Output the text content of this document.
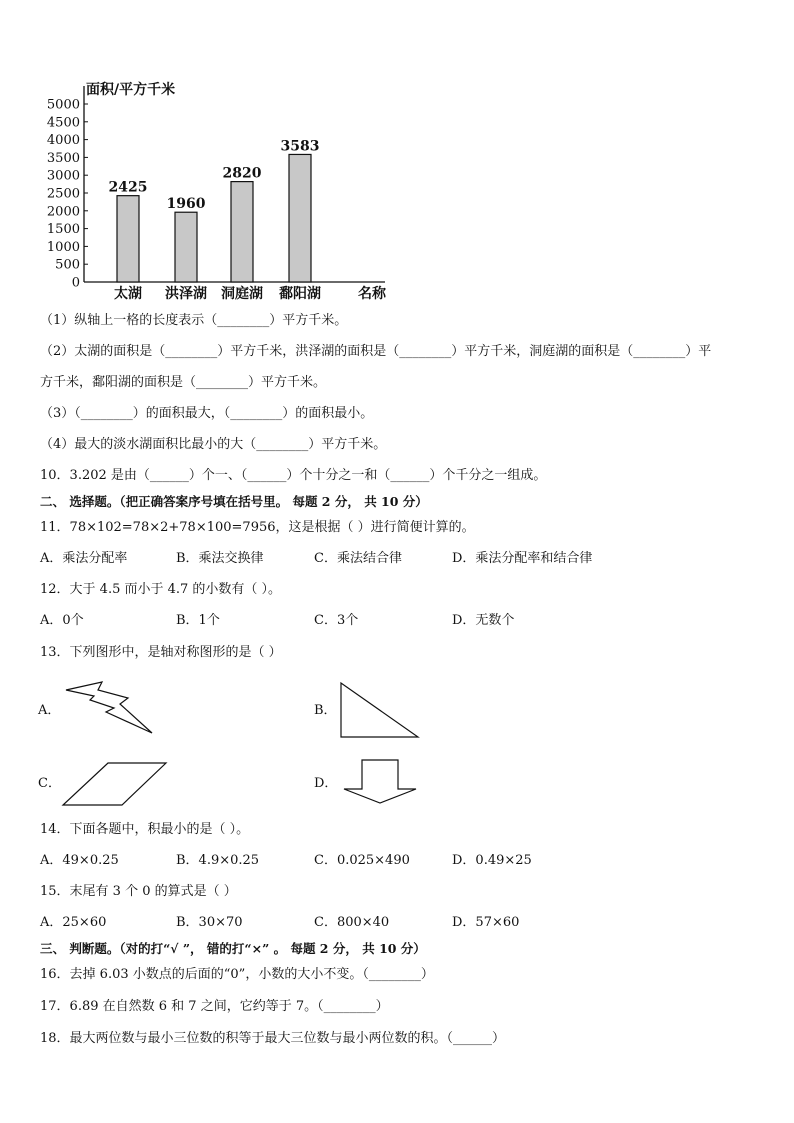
面积/平方千米
0
500
1000
1500
2000
2500
3000
3500
4000
4500
5000
2425
太湖
1960
洪泽湖
2820
洞庭湖
3583
鄱阳湖	名称
（1）纵轴上一格的长度表示（________）平方千米。
（2）太湖的面积是（________）平方千米，洪泽湖的面积是（________）平方千米，洞庭湖的面积是（________）平
方千米，鄱阳湖的面积是（________）平方千米。
（3）（________）的面积最大，（________）的面积最小。
（4）最大的淡水湖面积比最小的大（________）平方千米。
10．3.202 是由（______）个一、（______）个十分之一和（______）个千分之一组成。
二、 选择题。（把正确答案序号填在括号里。 每题 2 分， 共 10 分）
11．78×102=78×2+78×100=7956，这是根据（ ）进行简便计算的。
A．乘法分配率	B．乘法交换律	C．乘法结合律	D．乘法分配率和结合律
12．大于 4.5 而小于 4.7 的小数有（ ）。
A．0个	B．1个	C．3个	D．无数个
13．下列图形中，是轴对称图形的是（ ）
A．	B．
C．	D．
14．下面各题中，积最小的是（ ）。
A．49×0.25	B．4.9×0.25	C．0.025×490	D．0.49×25
15．末尾有 3 个 0 的算式是（ ）
A．25×60	B．30×70	C．800×40	D．57×60
三、 判断题。（对的打“√ ”， 错的打“×” 。 每题 2 分， 共 10 分）
16．去掉 6.03 小数点的后面的“0”，小数的大小不变。（________）
17．6.89 在自然数 6 和 7 之间，它约等于 7。（________）
18．最大两位数与最小三位数的积等于最大三位数与最小两位数的积。（______）
